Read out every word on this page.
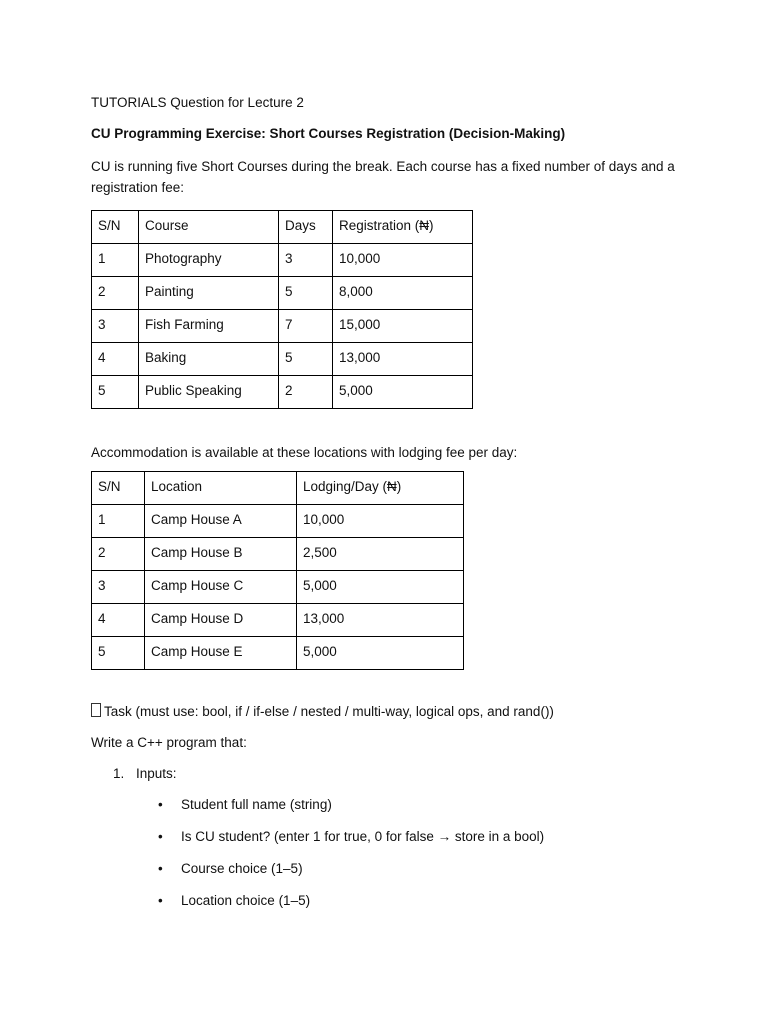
TUTORIALS Question for Lecture 2

CU Programming Exercise: Short Courses Registration (Decision-Making)

CU is running five Short Courses during the break. Each course has a fixed number of days and a registration fee:

S/N	Course	Days	Registration (₦)
1	Photography	3	10,000
2	Painting	5	8,000
3	Fish Farming	7	15,000
4	Baking	5	13,000
5	Public Speaking	2	5,000

Accommodation is available at these locations with lodging fee per day:

S/N	Location	Lodging/Day (₦)
1	Camp House A	10,000
2	Camp House B	2,500
3	Camp House C	5,000
4	Camp House D	13,000
5	Camp House E	5,000

Task (must use: bool, if / if-else / nested / multi-way, logical ops, and rand())

Write a C++ program that:

1. Inputs:
• Student full name (string)
• Is CU student? (enter 1 for true, 0 for false → store in a bool)
• Course choice (1–5)
• Location choice (1–5)
